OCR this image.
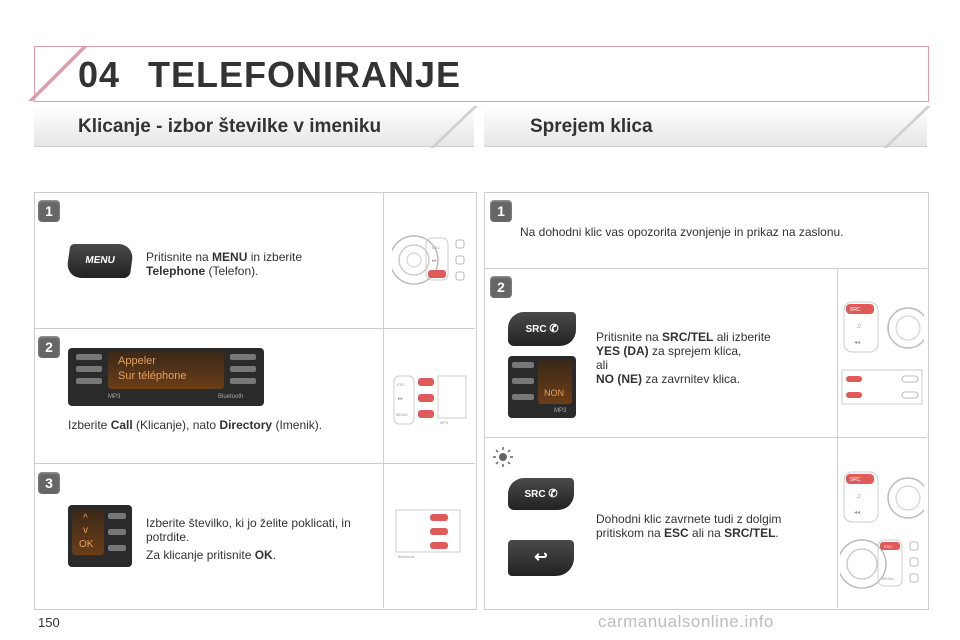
04 TELEFONIRANJE
Klicanje - izbor številke v imeniku	Sprejem klica
1
MENU	Pritisnite na MENU in izberite
Telephone (Telefon).
ESC
▸▸
2
Appeler
Sur téléphone
MP3	Bluetooth
Izberite Call (Klicanje), nato Directory (Imenik).
ESC
▸▸
MENU
MP3
3
^
v
OK
Izberite številko, ki jo želite poklicati, in potrdite.
Za klicanje pritisnite OK.	Bluetooth
1
Na dohodni klic vas opozorita zvonjenje in prikaz na zaslonu.
2
SRC ✆
NON
MP3
Pritisnite na SRC/TEL ali izberite
YES (DA) za sprejem klica,
ali
NO (NE) za zavrnitev klica.
SRC
♫
◂◂
SRC ✆
↩
Dohodni klic zavrnete tudi z dolgim pritiskom na ESC ali na SRC/TEL.
SRC
♫
◂◂
ESC
MENU
150	carmanualsonline.info
